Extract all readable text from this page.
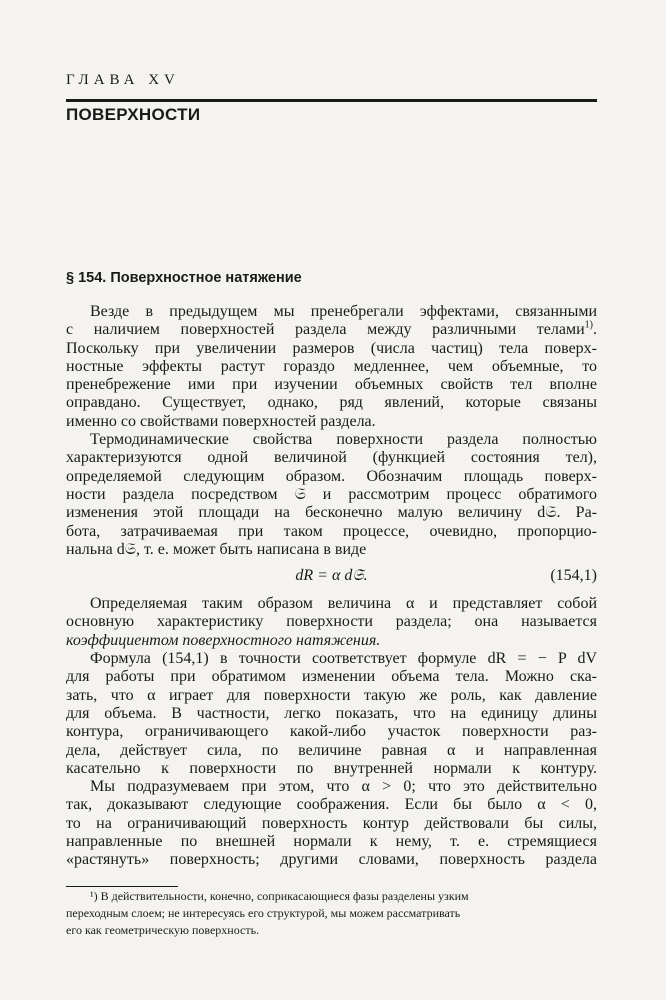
ГЛАВА XV
ПОВЕРХНОСТИ
§ 154. Поверхностное натяжение
Везде в предыдущем мы пренебрегали эффектами, связанными
с наличием поверхностей раздела между различными телами$^{1)}$.
Поскольку при увеличении размеров (числа частиц) тела поверх-
ностные эффекты растут гораздо медленнее, чем объемные, то
пренебрежение ими при изучении объемных свойств тел вполне
оправдано. Существует, однако, ряд явлений, которые связаны
именно со свойствами поверхностей раздела.
Термодинамические свойства поверхности раздела полностью
характеризуются одной величиной (функцией состояния тел),
определяемой следующим образом. Обозначим площадь поверх-
ности раздела посредством 𝔖 и рассмотрим процесс обратимого
изменения этой площади на бесконечно малую величину d𝔖. Ра-
бота, затрачиваемая при таком процессе, очевидно, пропорцио-
нальна d𝔖, т. е. может быть написана в виде
dR = α d𝔖.	(154,1)
Определяемая таким образом величина α и представляет собой
основную характеристику поверхности раздела; она называется
коэффициентом поверхностного натяжения.
Формула (154,1) в точности соответствует формуле dR = − P dV
для работы при обратимом изменении объема тела. Можно ска-
зать, что α играет для поверхности такую же роль, как давление
для объема. В частности, легко показать, что на единицу длины
контура, ограничивающего какой-либо участок поверхности раз-
дела, действует сила, по величине равная α и направленная
касательно к поверхности по внутренней нормали к контуру.
Мы подразумеваем при этом, что α > 0; что это действительно
так, доказывают следующие соображения. Если бы было α < 0,
то на ограничивающий поверхность контур действовали бы силы,
направленные по внешней нормали к нему, т. е. стремящиеся
«растянуть» поверхность; другими словами, поверхность раздела
¹) В действительности, конечно, соприкасающиеся фазы разделены узким
переходным слоем; не интересуясь его структурой, мы можем рассматривать
его как геометрическую поверхность.
